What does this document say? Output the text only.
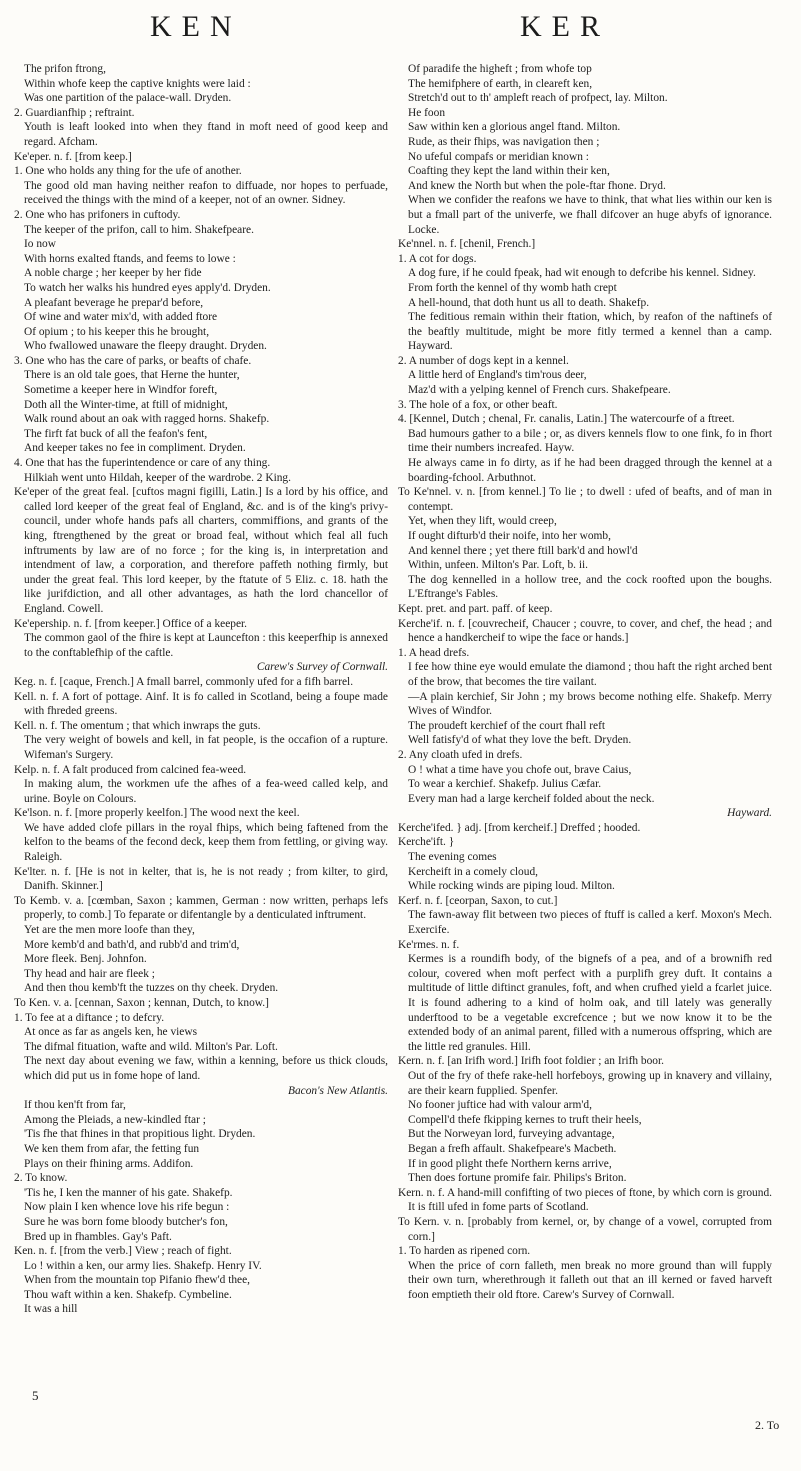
KEN	KER

The prifon ftrong,

Within whofe keep the captive knights were laid :

Was one partition of the palace-wall. Dryden.

2. Guardianfhip ; reftraint.

Youth is leaft looked into when they ftand in moft need of good keep and regard. Afcham.

Ke'eper. n. f. [from keep.]

1. One who holds any thing for the ufe of another.

The good old man having neither reafon to diffuade, nor hopes to perfuade, received the things with the mind of a keeper, not of an owner. Sidney.

2. One who has prifoners in cuftody.

The keeper of the prifon, call to him. Shakefpeare.

Io now

With horns exalted ftands, and feems to lowe :

A noble charge ; her keeper by her fide

To watch her walks his hundred eyes apply'd. Dryden.

A pleafant beverage he prepar'd before,

Of wine and water mix'd, with added ftore

Of opium ; to his keeper this he brought,

Who fwallowed unaware the fleepy draught. Dryden.

3. One who has the care of parks, or beafts of chafe.

There is an old tale goes, that Herne the hunter,

Sometime a keeper here in Windfor foreft,

Doth all the Winter-time, at ftill of midnight,

Walk round about an oak with ragged horns. Shakefp.

The firft fat buck of all the feafon's fent,

And keeper takes no fee in compliment. Dryden.

4. One that has the fuperintendence or care of any thing.

Hilkiah went unto Hildah, keeper of the wardrobe. 2 King.

Ke'eper of the great feal. [cuftos magni figilli, Latin.] Is a lord by his office, and called lord keeper of the great feal of England, &c. and is of the king's privy-council, under whofe hands pafs all charters, commiffions, and grants of the king, ftrengthened by the great or broad feal, without which feal all fuch inftruments by law are of no force ; for the king is, in interpretation and intendment of law, a corporation, and therefore paffeth nothing firmly, but under the great feal. This lord keeper, by the ftatute of 5 Eliz. c. 18. hath the like jurifdiction, and all other advantages, as hath the lord chancellor of England. Cowell.

Ke'epership. n. f. [from keeper.] Office of a keeper.

The common gaol of the fhire is kept at Launcefton : this keeperfhip is annexed to the conftablefhip of the caftle.

Carew's Survey of Cornwall.

Keg. n. f. [caque, French.] A fmall barrel, commonly ufed for a fifh barrel.

Kell. n. f. A fort of pottage. Ainf. It is fo called in Scotland, being a foupe made with fhreded greens.

Kell. n. f. The omentum ; that which inwraps the guts.

The very weight of bowels and kell, in fat people, is the occafion of a rupture. Wifeman's Surgery.

Kelp. n. f. A falt produced from calcined fea-weed.

In making alum, the workmen ufe the afhes of a fea-weed called kelp, and urine. Boyle on Colours.

Ke'lson. n. f. [more properly keelfon.] The wood next the keel.

We have added clofe pillars in the royal fhips, which being faftened from the kelfon to the beams of the fecond deck, keep them from fettling, or giving way. Raleigh.

Ke'lter. n. f. [He is not in kelter, that is, he is not ready ; from kilter, to gird, Danifh. Skinner.]

To Kemb. v. a. [cœmban, Saxon ; kammen, German : now written, perhaps lefs properly, to comb.] To feparate or difentangle by a denticulated inftrument.

Yet are the men more loofe than they,

More kemb'd and bath'd, and rubb'd and trim'd,

More fleek. Benj. Johnfon.

Thy head and hair are fleek ;

And then thou kemb'ft the tuzzes on thy cheek. Dryden.

To Ken. v. a. [cennan, Saxon ; kennan, Dutch, to know.]

1. To fee at a diftance ; to defcry.

At once as far as angels ken, he views

The difmal fituation, wafte and wild. Milton's Par. Loft.

The next day about evening we faw, within a kenning, before us thick clouds, which did put us in fome hope of land.

Bacon's New Atlantis.

If thou ken'ft from far,

Among the Pleiads, a new-kindled ftar ;

'Tis fhe that fhines in that propitious light. Dryden.

We ken them from afar, the fetting fun

Plays on their fhining arms. Addifon.

2. To know.

'Tis he, I ken the manner of his gate. Shakefp.

Now plain I ken whence love his rife begun :

Sure he was born fome bloody butcher's fon,

Bred up in fhambles. Gay's Paft.

Ken. n. f. [from the verb.] View ; reach of fight.

Lo ! within a ken, our army lies. Shakefp. Henry IV.

When from the mountain top Pifanio fhew'd thee,

Thou waft within a ken. Shakefp. Cymbeline.

It was a hill

Of paradife the higheft ; from whofe top

The hemifphere of earth, in cleareft ken,

Stretch'd out to th' ampleft reach of profpect, lay. Milton.

He foon

Saw within ken a glorious angel ftand. Milton.

Rude, as their fhips, was navigation then ;

No ufeful compafs or meridian known :

Coafting they kept the land within their ken,

And knew the North but when the pole-ftar fhone. Dryd.

When we confider the reafons we have to think, that what lies within our ken is but a fmall part of the univerfe, we fhall difcover an huge abyfs of ignorance. Locke.

Ke'nnel. n. f. [chenil, French.]

1. A cot for dogs.

A dog fure, if he could fpeak, had wit enough to defcribe his kennel. Sidney.

From forth the kennel of thy womb hath crept

A hell-hound, that doth hunt us all to death. Shakefp.

The feditious remain within their ftation, which, by reafon of the naftinefs of the beaftly multitude, might be more fitly termed a kennel than a camp. Hayward.

2. A number of dogs kept in a kennel.

A little herd of England's tim'rous deer,

Maz'd with a yelping kennel of French curs. Shakefpeare.

3. The hole of a fox, or other beaft.

4. [Kennel, Dutch ; chenal, Fr. canalis, Latin.] The watercourfe of a ftreet.

Bad humours gather to a bile ; or, as divers kennels flow to one fink, fo in fhort time their numbers increafed. Hayw.

He always came in fo dirty, as if he had been dragged through the kennel at a boarding-fchool. Arbuthnot.

To Ke'nnel. v. n. [from kennel.] To lie ; to dwell : ufed of beafts, and of man in contempt.

Yet, when they lift, would creep,

If ought difturb'd their noife, into her womb,

And kennel there ; yet there ftill bark'd and howl'd

Within, unfeen. Milton's Par. Loft, b. ii.

The dog kennelled in a hollow tree, and the cock roofted upon the boughs. L'Eftrange's Fables.

Kept. pret. and part. paff. of keep.

Kerche'if. n. f. [couvrecheif, Chaucer ; couvre, to cover, and chef, the head ; and hence a handkercheif to wipe the face or hands.]

1. A head drefs.

I fee how thine eye would emulate the diamond ; thou haft the right arched bent of the brow, that becomes the tire vailant.

—A plain kerchief, Sir John ; my brows become nothing elfe. Shakefp. Merry Wives of Windfor.

The proudeft kerchief of the court fhall reft

Well fatisfy'd of what they love the beft. Dryden.

2. Any cloath ufed in drefs.

O ! what a time have you chofe out, brave Caius,

To wear a kerchief. Shakefp. Julius Cæfar.

Every man had a large kercheif folded about the neck.

Hayward.

Kerche'ifed. } adj. [from kercheif.] Dreffed ; hooded.

Kerche'ift. }

The evening comes

Kercheift in a comely cloud,

While rocking winds are piping loud. Milton.

Kerf. n. f. [ceorpan, Saxon, to cut.]

The fawn-away flit between two pieces of ftuff is called a kerf. Moxon's Mech. Exercife.

Ke'rmes. n. f.

Kermes is a roundifh body, of the bignefs of a pea, and of a brownifh red colour, covered when moft perfect with a purplifh grey duft. It contains a multitude of little diftinct granules, foft, and when crufhed yield a fcarlet juice. It is found adhering to a kind of holm oak, and till lately was generally underftood to be a vegetable excrefcence ; but we now know it to be the extended body of an animal parent, filled with a numerous offspring, which are the little red granules. Hill.

Kern. n. f. [an Irifh word.] Irifh foot foldier ; an Irifh boor.

Out of the fry of thefe rake-hell horfeboys, growing up in knavery and villainy, are their kearn fupplied. Spenfer.

No fooner juftice had with valour arm'd,

Compell'd thefe fkipping kernes to truft their heels,

But the Norweyan lord, furveying advantage,

Began a frefh affault. Shakefpeare's Macbeth.

If in good plight thefe Northern kerns arrive,

Then does fortune promife fair. Philips's Briton.

Kern. n. f. A hand-mill confifting of two pieces of ftone, by which corn is ground. It is ftill ufed in fome parts of Scotland.

To Kern. v. n. [probably from kernel, or, by change of a vowel, corrupted from corn.]

1. To harden as ripened corn.

When the price of corn falleth, men break no more ground than will fupply their own turn, wherethrough it falleth out that an ill kerned or faved harveft foon emptieth their old ftore. Carew's Survey of Cornwall.

5
2. To
